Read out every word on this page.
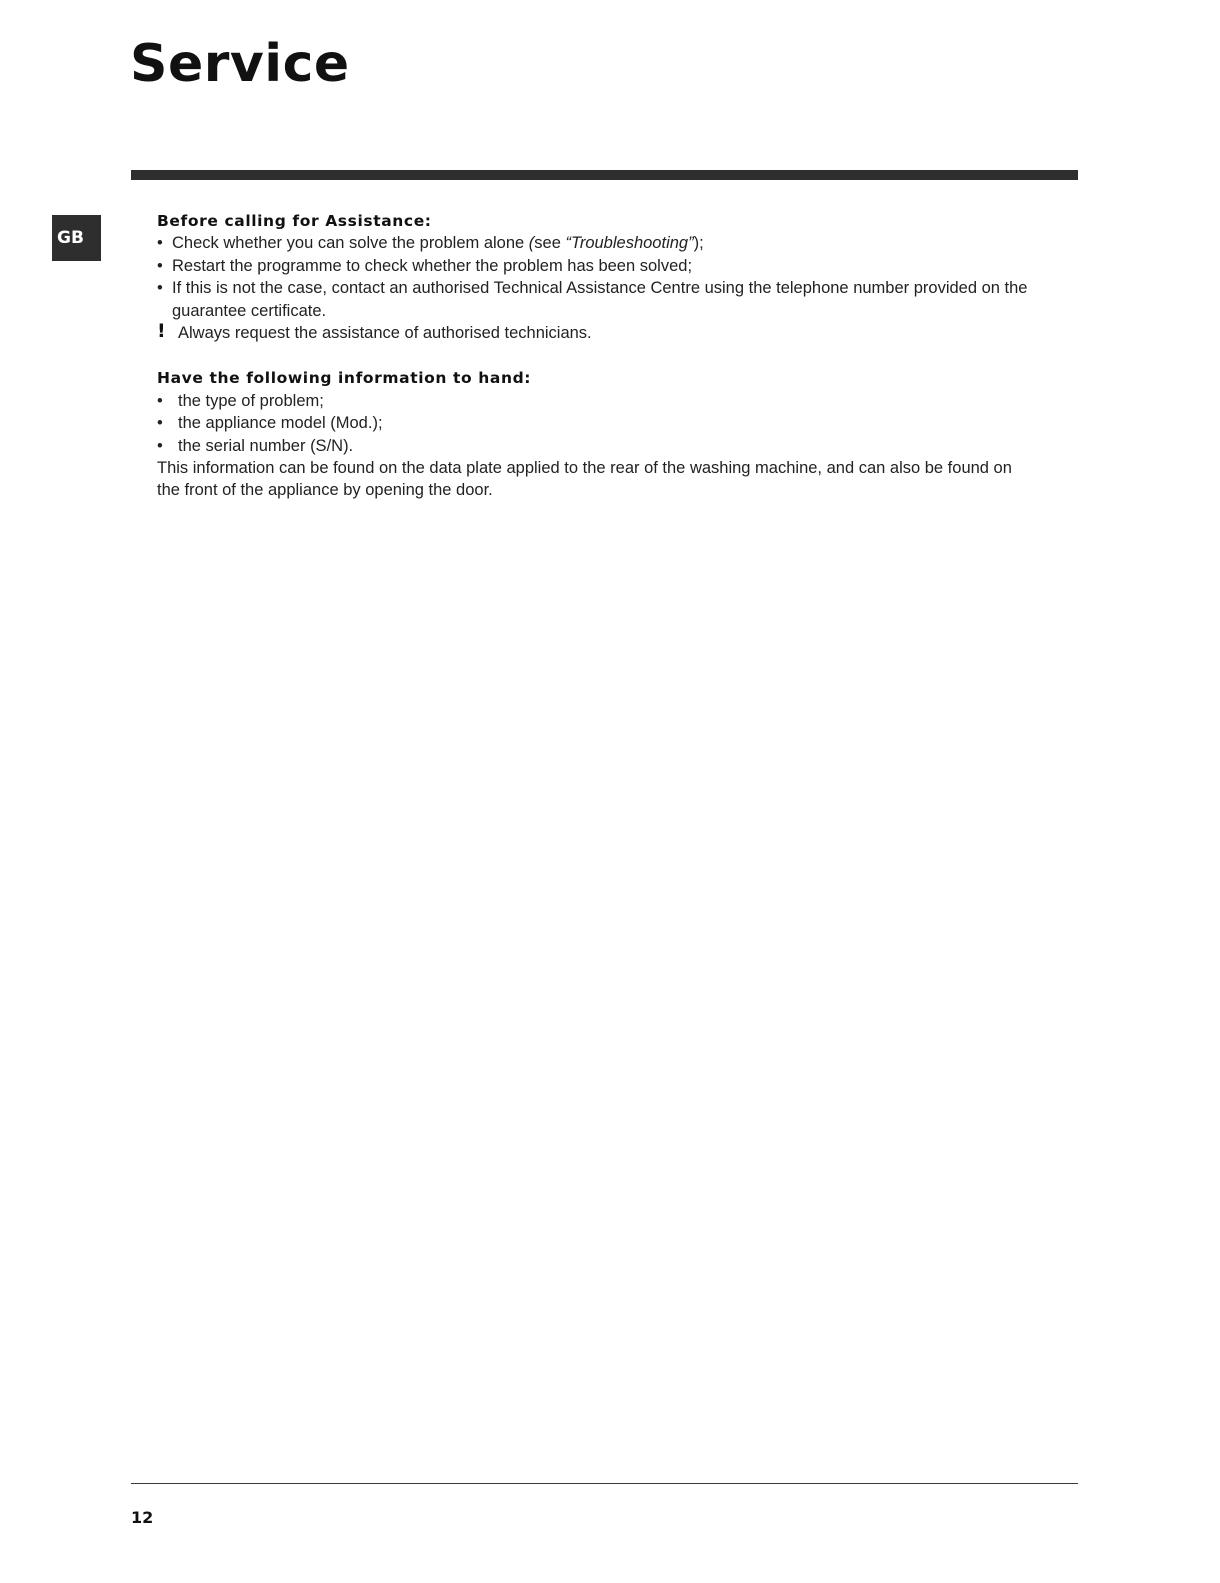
Service
GB

Before calling for Assistance:

• Check whether you can solve the problem alone (see “Troubleshooting”);
• Restart the programme to check whether the problem has been solved;
• If this is not the case, contact an authorised Technical Assistance Centre using the telephone number provided on the guarantee certificate.

! Always request the assistance of authorised technicians.

Have the following information to hand:

• the type of problem;
• the appliance model (Mod.);
• the serial number (S/N).

This information can be found on the data plate applied to the rear of the washing machine, and can also be found on the front of the appliance by opening the door.

12
